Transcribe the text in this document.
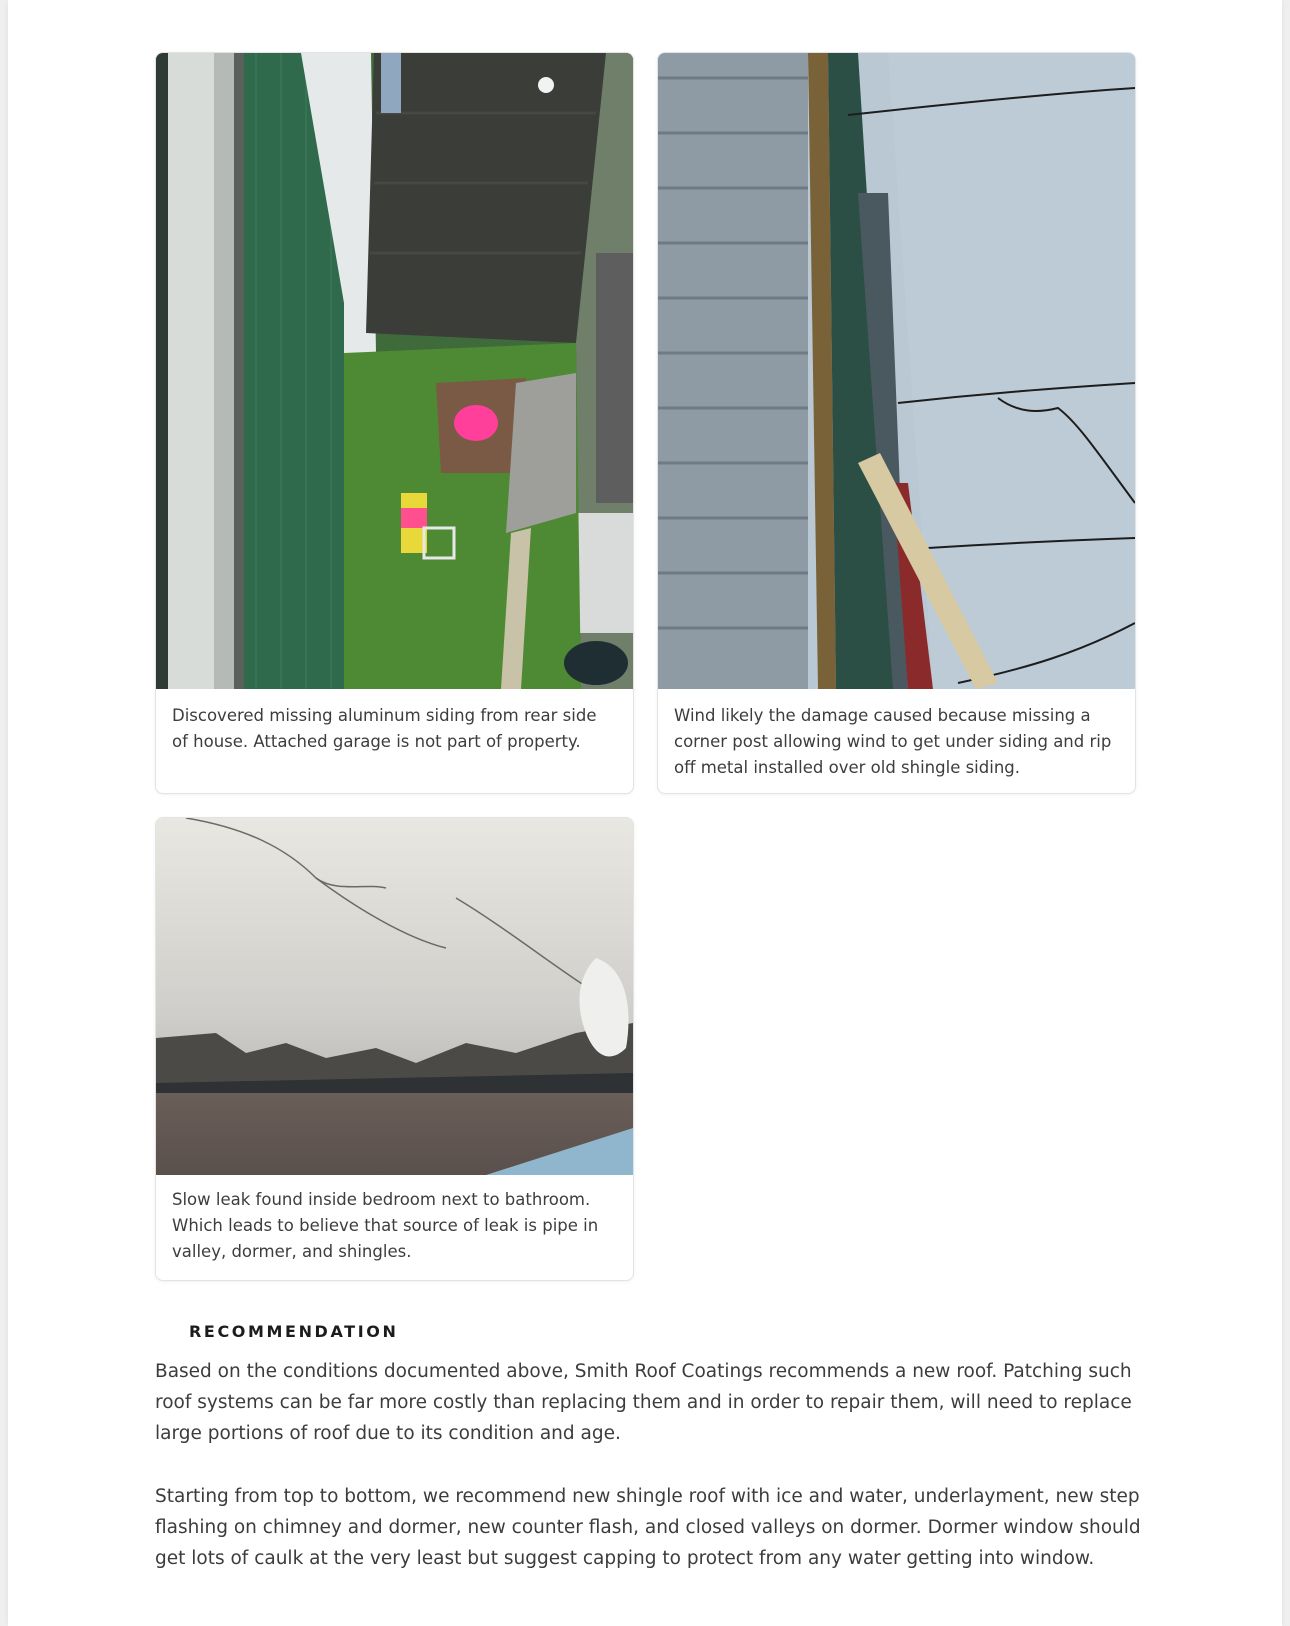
Discovered missing aluminum siding from rear side of house. Attached garage is not part of property.
Wind likely the damage caused because missing a corner post allowing wind to get under siding and rip off metal installed over old shingle siding.
Slow leak found inside bedroom next to bathroom. Which leads to believe that source of leak is pipe in valley, dormer, and shingles.
RECOMMENDATION
Based on the conditions documented above, Smith Roof Coatings recommends a new roof. Patching such roof systems can be far more costly than replacing them and in order to repair them, will need to replace large portions of roof due to its condition and age.
Starting from top to bottom, we recommend new shingle roof with ice and water, underlayment, new step flashing on chimney and dormer, new counter flash, and closed valleys on dormer. Dormer window should get lots of caulk at the very least but suggest capping to protect from any water getting into window.
